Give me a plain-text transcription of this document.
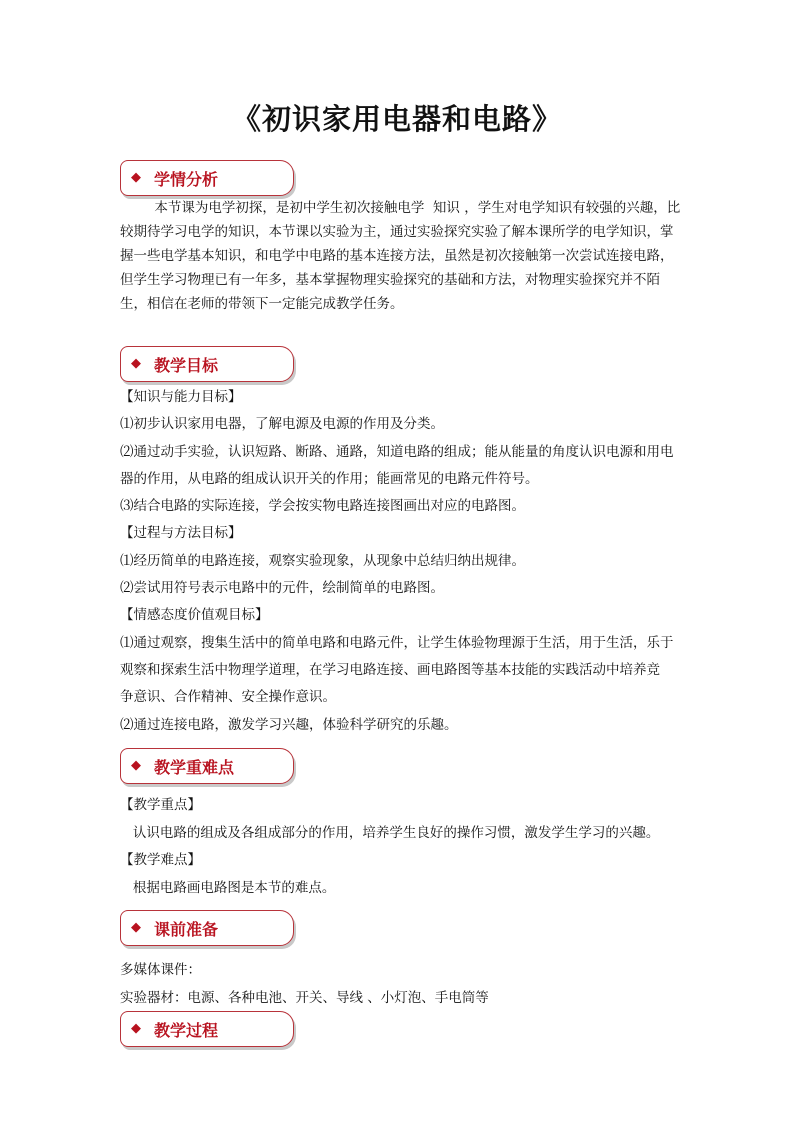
《初识家用电器和电路》
◆ 学情分析
本节课为电学初探，是初中学生初次接触电学  知识 ，学生对电学知识有较强的兴趣，比
较期待学习电学的知识，本节课以实验为主，通过实验探究实验了解本课所学的电学知识，掌
握一些电学基本知识，和电学中电路的基本连接方法，虽然是初次接触第一次尝试连接电路，
但学生学习物理已有一年多，基本掌握物理实验探究的基础和方法，对物理实验探究并不陌
生，相信在老师的带领下一定能完成教学任务。
◆ 教学目标
【知识与能力目标】
⑴初步认识家用电器，了解电源及电源的作用及分类。
⑵通过动手实验，认识短路、断路、通路，知道电路的组成；能从能量的角度认识电源和用电
器的作用，从电路的组成认识开关的作用；能画常见的电路元件符号。
⑶结合电路的实际连接，学会按实物电路连接图画出对应的电路图。
【过程与方法目标】
⑴经历简单的电路连接，观察实验现象，从现象中总结归纳出规律。
⑵尝试用符号表示电路中的元件，绘制简单的电路图。
【情感态度价值观目标】
⑴通过观察，搜集生活中的简单电路和电路元件，让学生体验物理源于生活，用于生活，乐于
观察和探索生活中物理学道理，在学习电路连接、画电路图等基本技能的实践活动中培养竞
争意识、合作精神、安全操作意识。
⑵通过连接电路，激发学习兴趣，体验科学研究的乐趣。
◆ 教学重难点
【教学重点】
认识电路的组成及各组成部分的作用，培养学生良好的操作习惯，激发学生学习的兴趣。
【教学难点】
根据电路画电路图是本节的难点。
◆ 课前准备
多媒体课件：
实验器材：电源、各种电池、开关、导线 、小灯泡、手电筒等
◆ 教学过程
